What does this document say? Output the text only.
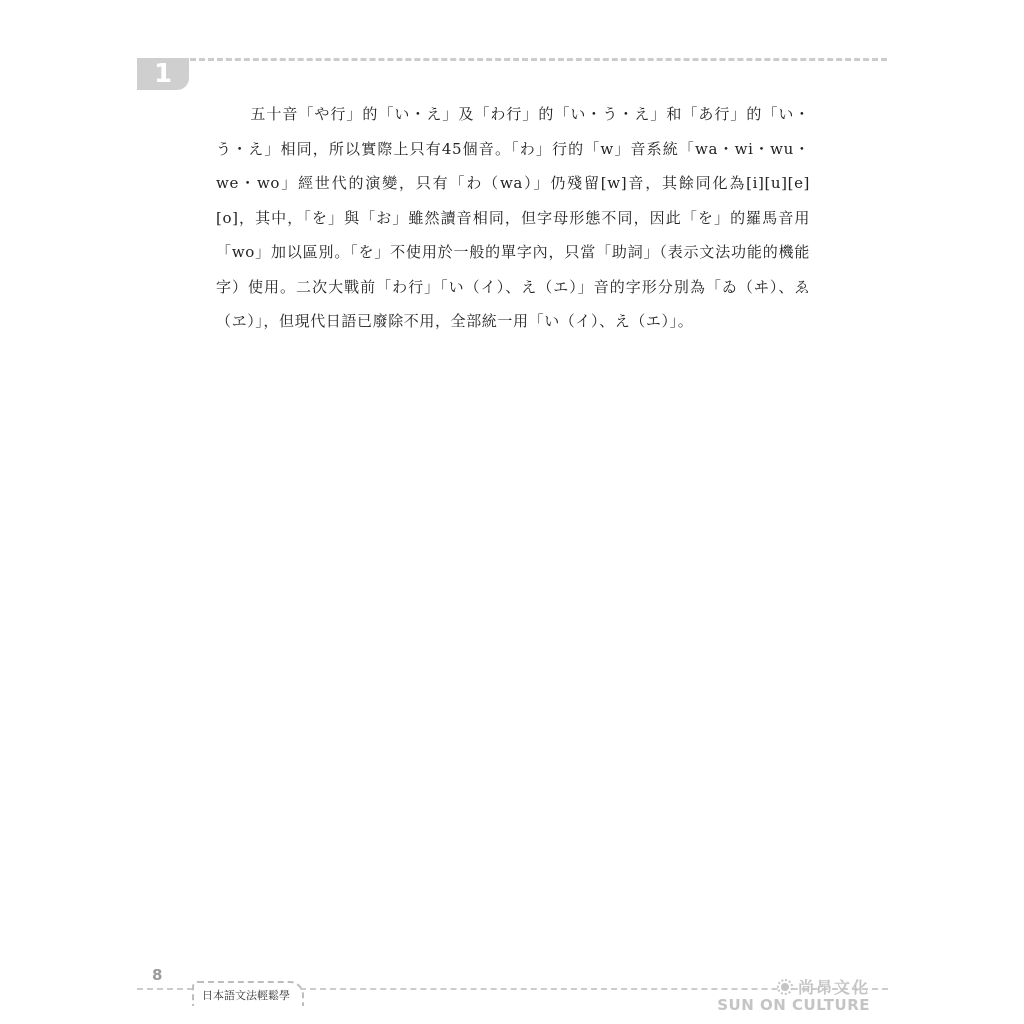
1

五十音「や行」的「い・え」及「わ行」的「い・う・え」和「あ行」的「い・う・え」相同，所以實際上只有45個音。「わ」行的「w」音系統「wa・wi・wu・we・wo」經世代的演變，只有「わ（wa）」仍殘留[w]音，其餘同化為[i][u][e][o]，其中，「を」與「お」雖然讀音相同，但字母形態不同，因此「を」的羅馬音用「wo」加以區別。「を」不使用於一般的單字內，只當「助詞」（表示文法功能的機能字）使用。二次大戰前「わ行」「い（イ）、え（エ）」音的字形分別為「ゐ（ヰ）、ゑ（ヱ）」，但現代日語已廢除不用，全部統一用「い（イ）、え（エ）」。

8
日本語文法輕鬆學	尚昂文化
SUN ON CULTURE
